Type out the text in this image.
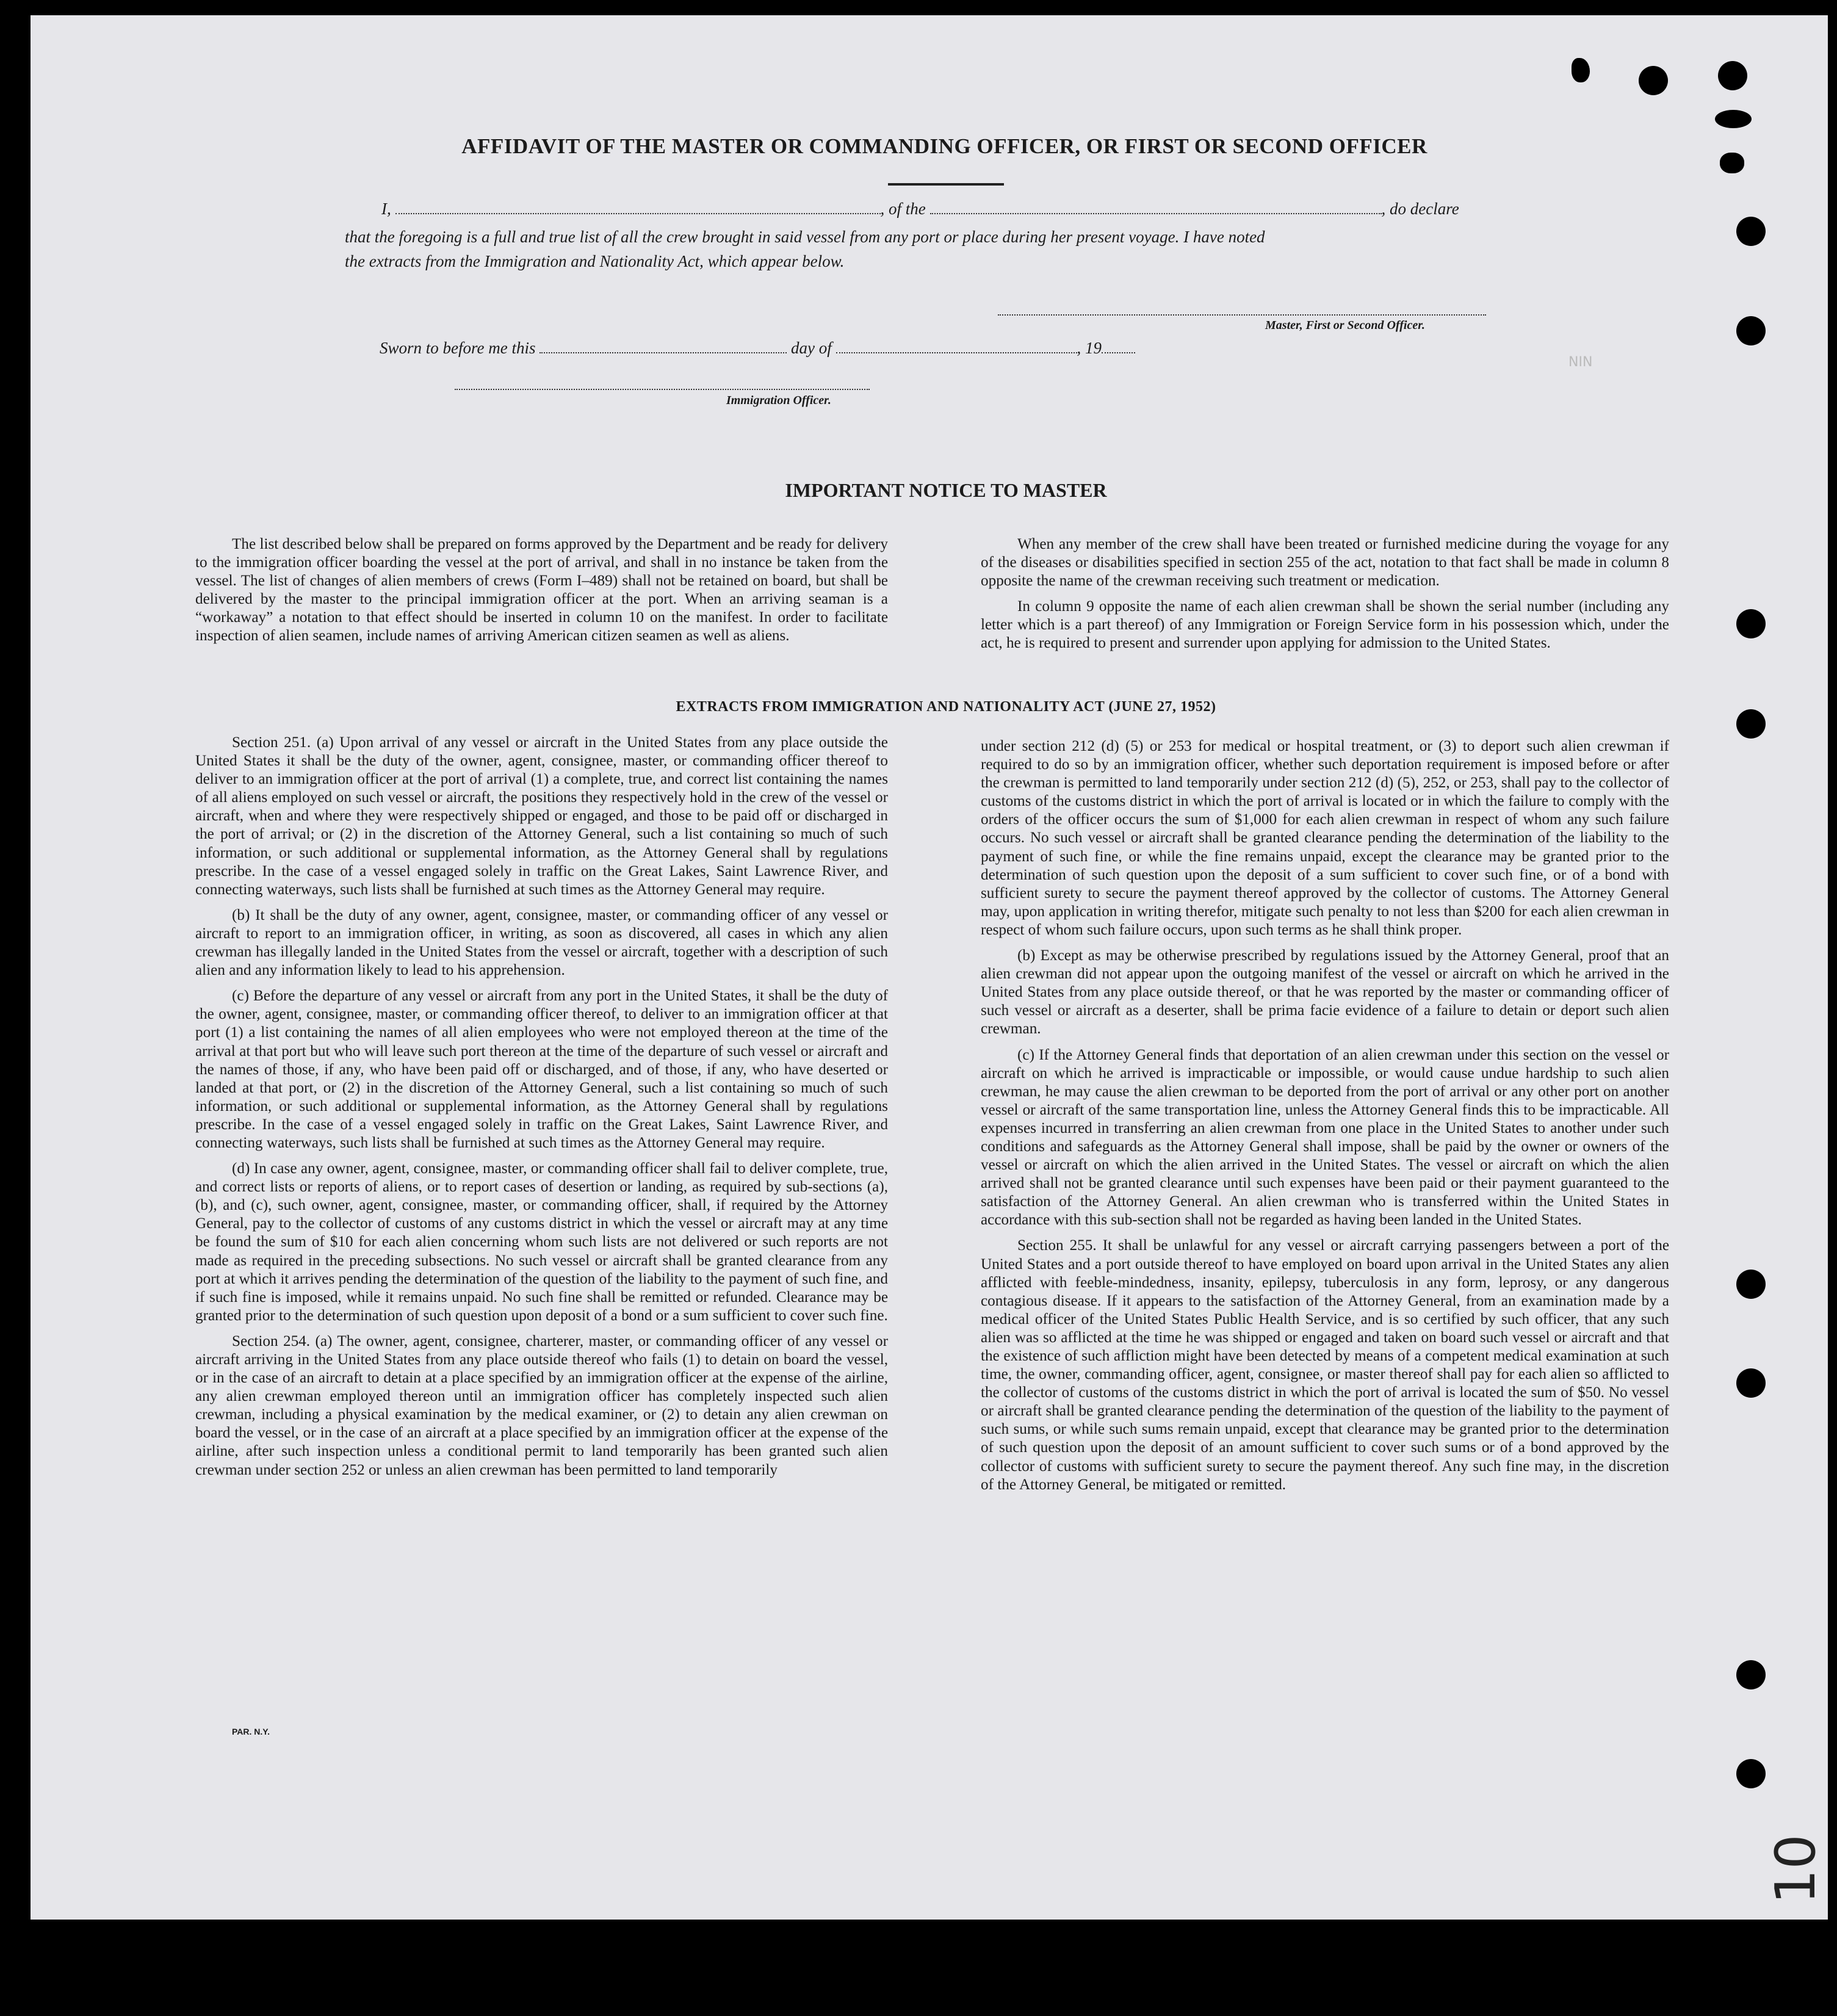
AFFIDAVIT OF THE MASTER OR COMMANDING OFFICER, OR FIRST OR SECOND OFFICER
I,	, of the	, do declare
that the foregoing is a full and true list of all the crew brought in said vessel from any port or place during her present voyage. I have noted
the extracts from the Immigration and Nationality Act, which appear below.
Master, First or Second Officer.
Sworn to before me this	day of	, 19
Immigration Officer.
NIN
IMPORTANT NOTICE TO MASTER

The list described below shall be prepared on forms approved by the Department and be ready for delivery to the immigration officer boarding the vessel at the port of arrival, and shall in no instance be taken from the vessel. The list of changes of alien members of crews (Form I–489) shall not be retained on board, but shall be delivered by the master to the principal immigration officer at the port. When an arriving seaman is a “workaway” a notation to that effect should be inserted in column 10 on the manifest. In order to facilitate inspection of alien seamen, include names of arriving American citizen seamen as well as aliens.

When any member of the crew shall have been treated or furnished medicine during the voyage for any of the diseases or disabilities specified in section 255 of the act, notation to that fact shall be made in column 8 opposite the name of the crewman receiving such treatment or medication.

In column 9 opposite the name of each alien crewman shall be shown the serial number (including any letter which is a part thereof) of any Immigration or Foreign Service form in his possession which, under the act, he is required to present and surrender upon applying for admission to the United States.

EXTRACTS FROM IMMIGRATION AND NATIONALITY ACT (JUNE 27, 1952)

Section 251. (a) Upon arrival of any vessel or aircraft in the United States from any place outside the United States it shall be the duty of the owner, agent, consignee, master, or commanding officer thereof to deliver to an immigration officer at the port of arrival (1) a complete, true, and correct list containing the names of all aliens employed on such vessel or aircraft, the positions they respectively hold in the crew of the vessel or aircraft, when and where they were respectively shipped or engaged, and those to be paid off or discharged in the port of arrival; or (2) in the discretion of the Attorney General, such a list containing so much of such information, or such additional or supplemental information, as the Attorney General shall by regulations prescribe. In the case of a vessel engaged solely in traffic on the Great Lakes, Saint Lawrence River, and connecting waterways, such lists shall be furnished at such times as the Attorney General may require.

(b) It shall be the duty of any owner, agent, consignee, master, or commanding officer of any vessel or aircraft to report to an immigration officer, in writing, as soon as discovered, all cases in which any alien crewman has illegally landed in the United States from the vessel or aircraft, together with a description of such alien and any information likely to lead to his apprehension.

(c) Before the departure of any vessel or aircraft from any port in the United States, it shall be the duty of the owner, agent, consignee, master, or commanding officer thereof, to deliver to an immigration officer at that port (1) a list containing the names of all alien employees who were not employed thereon at the time of the arrival at that port but who will leave such port thereon at the time of the departure of such vessel or aircraft and the names of those, if any, who have been paid off or discharged, and of those, if any, who have deserted or landed at that port, or (2) in the discretion of the Attorney General, such a list containing so much of such information, or such additional or supplemental information, as the Attorney General shall by regulations prescribe. In the case of a vessel engaged solely in traffic on the Great Lakes, Saint Lawrence River, and connecting waterways, such lists shall be furnished at such times as the Attorney General may require.

(d) In case any owner, agent, consignee, master, or commanding officer shall fail to deliver complete, true, and correct lists or reports of aliens, or to report cases of desertion or landing, as required by sub-sections (a), (b), and (c), such owner, agent, consignee, master, or commanding officer, shall, if required by the Attorney General, pay to the collector of customs of any customs district in which the vessel or aircraft may at any time be found the sum of $10 for each alien concerning whom such lists are not delivered or such reports are not made as required in the preceding subsections. No such vessel or aircraft shall be granted clearance from any port at which it arrives pending the determination of the question of the liability to the payment of such fine, and if such fine is imposed, while it remains unpaid. No such fine shall be remitted or refunded. Clearance may be granted prior to the determination of such question upon deposit of a bond or a sum sufficient to cover such fine.

Section 254. (a) The owner, agent, consignee, charterer, master, or commanding officer of any vessel or aircraft arriving in the United States from any place outside thereof who fails (1) to detain on board the vessel, or in the case of an aircraft to detain at a place specified by an immigration officer at the expense of the airline, any alien crewman employed thereon until an immigration officer has completely inspected such alien crewman, including a physical examination by the medical examiner, or (2) to detain any alien crewman on board the vessel, or in the case of an aircraft at a place specified by an immigration officer at the expense of the airline, after such inspection unless a conditional permit to land temporarily has been granted such alien crewman under section 252 or unless an alien crewman has been permitted to land temporarily

under section 212 (d) (5) or 253 for medical or hospital treatment, or (3) to deport such alien crewman if required to do so by an immigration officer, whether such deportation requirement is imposed before or after the crewman is permitted to land temporarily under section 212 (d) (5), 252, or 253, shall pay to the collector of customs of the customs district in which the port of arrival is located or in which the failure to comply with the orders of the officer occurs the sum of $1,000 for each alien crewman in respect of whom any such failure occurs. No such vessel or aircraft shall be granted clearance pending the determination of the liability to the payment of such fine, or while the fine remains unpaid, except the clearance may be granted prior to the determination of such question upon the deposit of a sum sufficient to cover such fine, or of a bond with sufficient surety to secure the payment thereof approved by the collector of customs. The Attorney General may, upon application in writing therefor, mitigate such penalty to not less than $200 for each alien crewman in respect of whom such failure occurs, upon such terms as he shall think proper.

(b) Except as may be otherwise prescribed by regulations issued by the Attorney General, proof that an alien crewman did not appear upon the outgoing manifest of the vessel or aircraft on which he arrived in the United States from any place outside thereof, or that he was reported by the master or commanding officer of such vessel or aircraft as a deserter, shall be prima facie evidence of a failure to detain or deport such alien crewman.

(c) If the Attorney General finds that deportation of an alien crewman under this section on the vessel or aircraft on which he arrived is impracticable or impossible, or would cause undue hardship to such alien crewman, he may cause the alien crewman to be deported from the port of arrival or any other port on another vessel or aircraft of the same transportation line, unless the Attorney General finds this to be impracticable. All expenses incurred in transferring an alien crewman from one place in the United States to another under such conditions and safeguards as the Attorney General shall impose, shall be paid by the owner or owners of the vessel or aircraft on which the alien arrived in the United States. The vessel or aircraft on which the alien arrived shall not be granted clearance until such expenses have been paid or their payment guaranteed to the satisfaction of the Attorney General. An alien crewman who is transferred within the United States in accordance with this sub-section shall not be regarded as having been landed in the United States.

Section 255. It shall be unlawful for any vessel or aircraft carrying passengers between a port of the United States and a port outside thereof to have employed on board upon arrival in the United States any alien afflicted with feeble-mindedness, insanity, epilepsy, tuberculosis in any form, leprosy, or any dangerous contagious disease. If it appears to the satisfaction of the Attorney General, from an examination made by a medical officer of the United States Public Health Service, and is so certified by such officer, that any such alien was so afflicted at the time he was shipped or engaged and taken on board such vessel or aircraft and that the existence of such affliction might have been detected by means of a competent medical examination at such time, the owner, commanding officer, agent, consignee, or master thereof shall pay for each alien so afflicted to the collector of customs of the customs district in which the port of arrival is located the sum of $50. No vessel or aircraft shall be granted clearance pending the determination of the question of the liability to the payment of such sums, or while such sums remain unpaid, except that clearance may be granted prior to the determination of such question upon the deposit of an amount sufficient to cover such sums or of a bond approved by the collector of customs with sufficient surety to secure the payment thereof. Any such fine may, in the discretion of the Attorney General, be mitigated or remitted.

PAR. N.Y.
10
